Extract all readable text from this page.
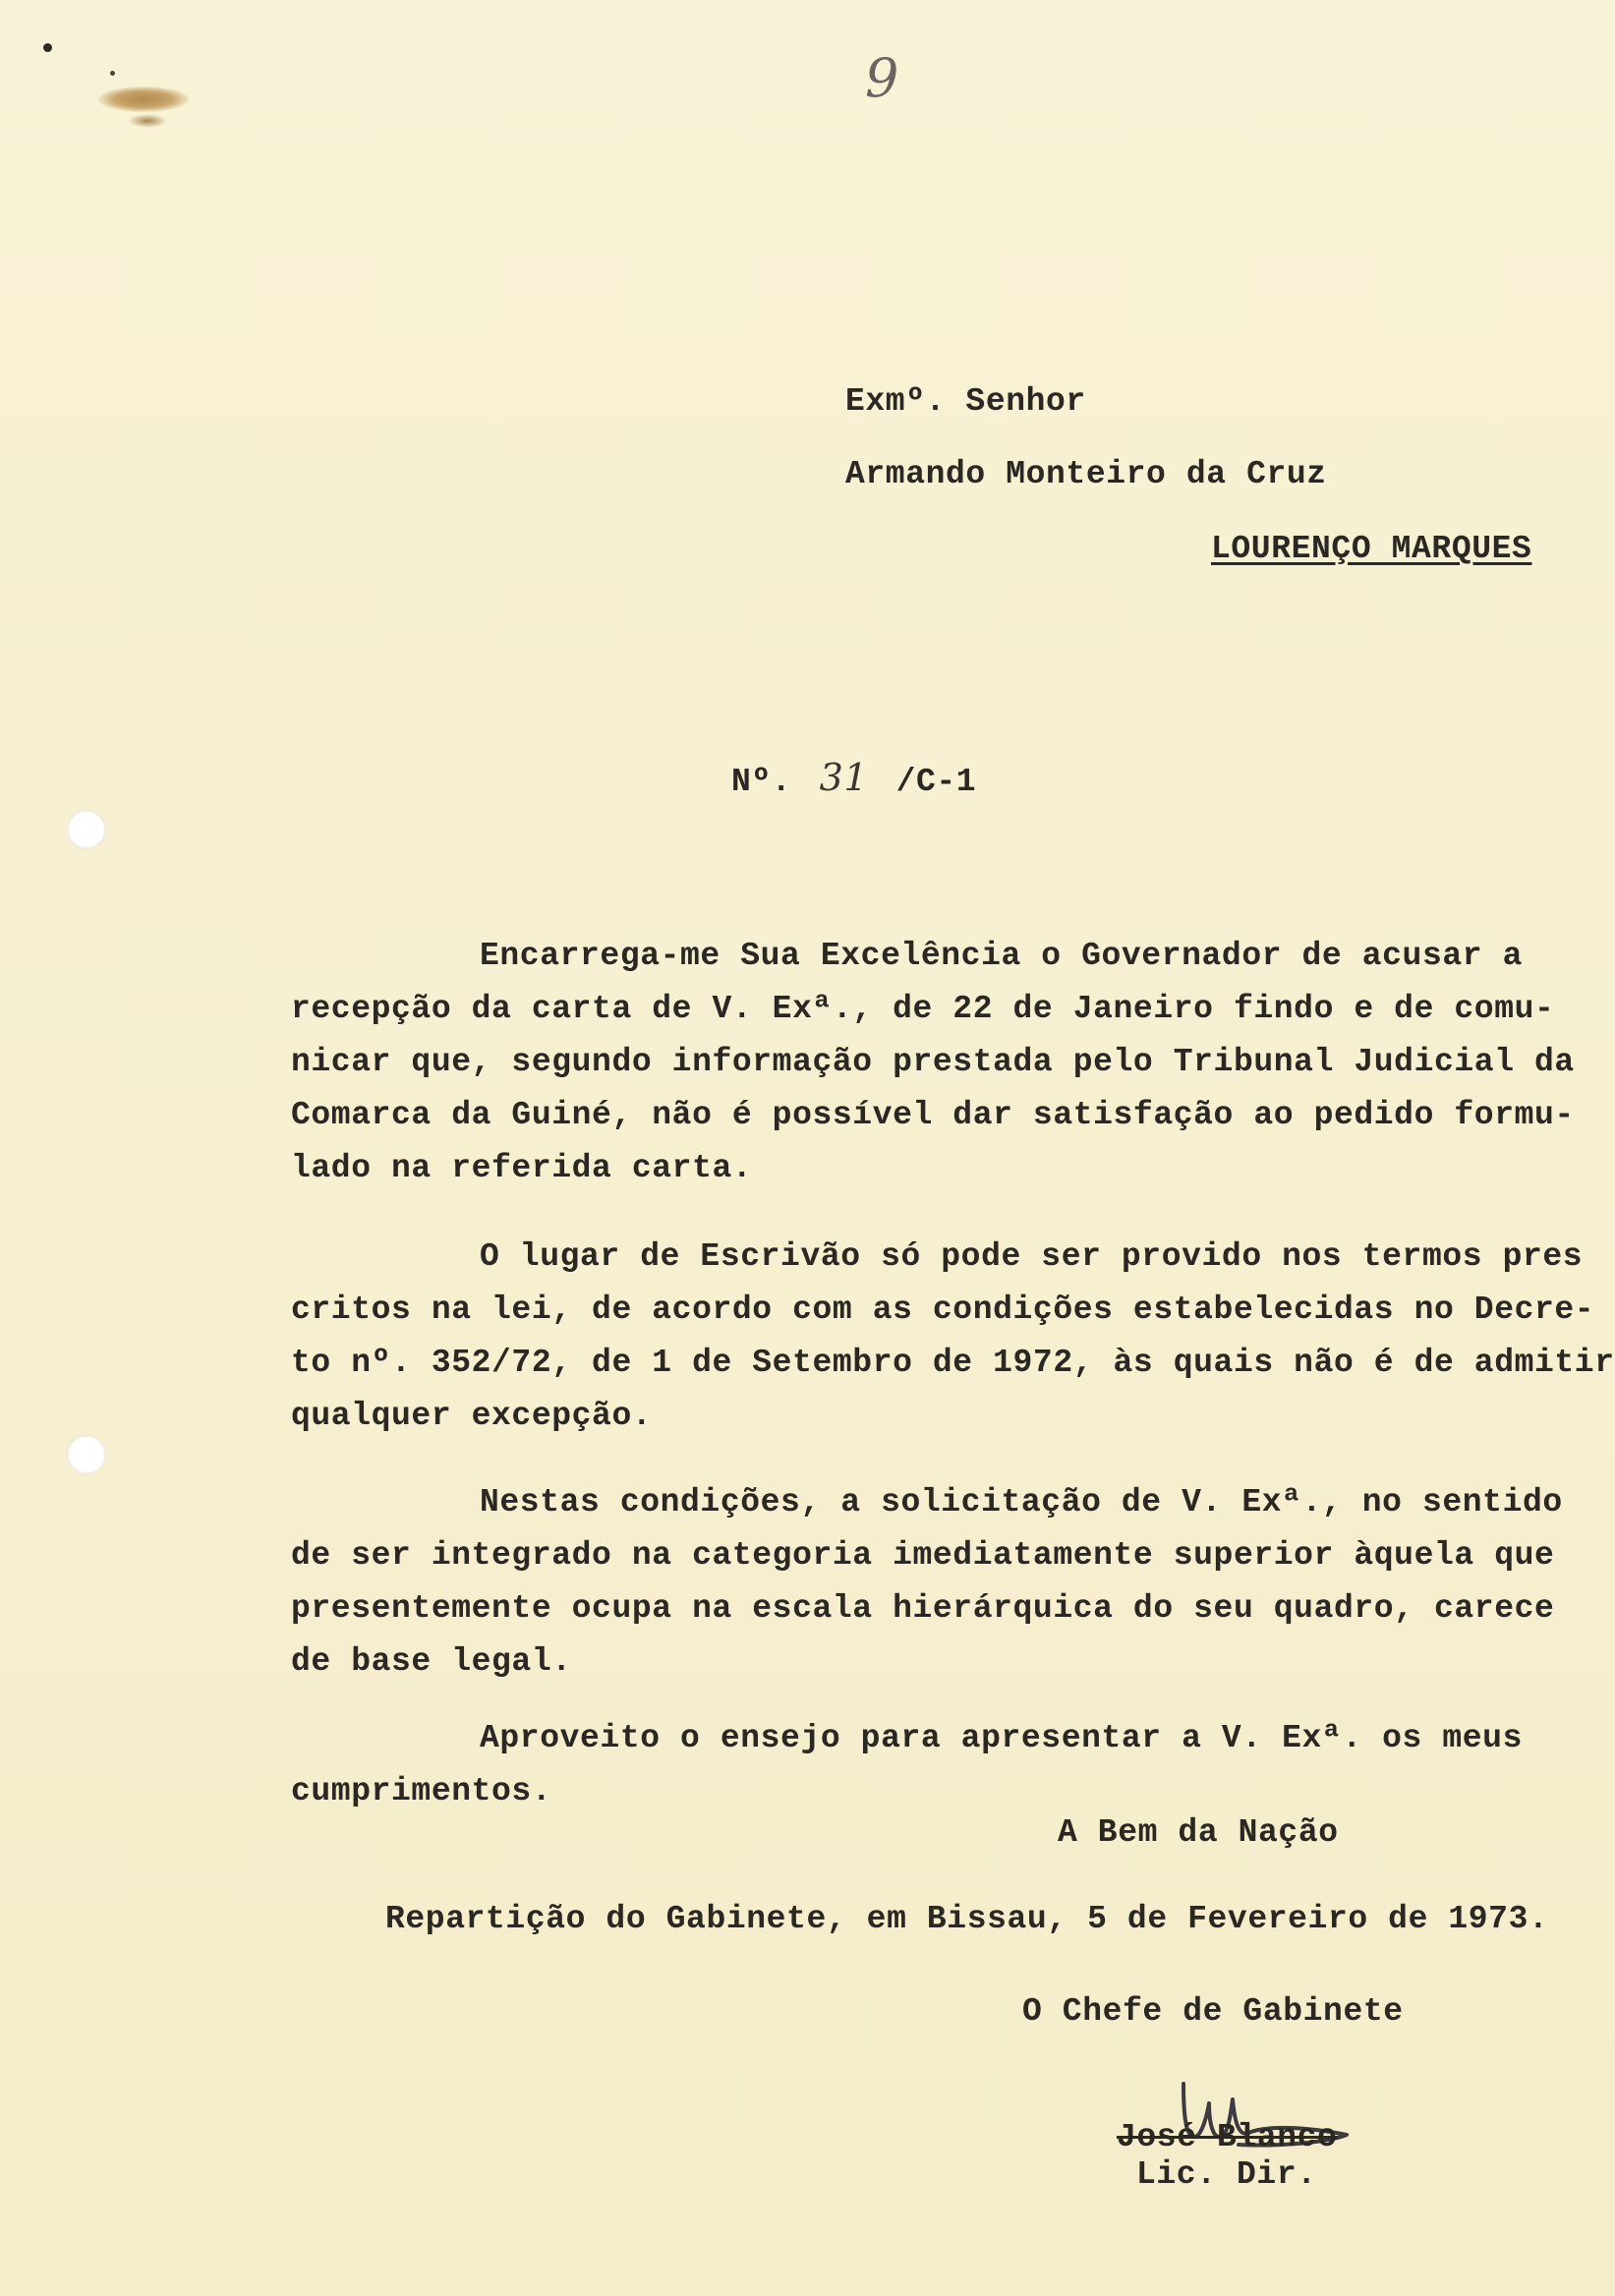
9
Exmº. Senhor
Armando Monteiro da Cruz
LOURENÇO MARQUES
Nº. 31 /C-1
Encarrega-me Sua Excelência o Governador de acusar a
recepção da carta de V. Exª., de 22 de Janeiro findo e de comu-
nicar que, segundo informação prestada pelo Tribunal Judicial da
Comarca da Guiné, não é possível dar satisfação ao pedido formu-
lado na referida carta.
O lugar de Escrivão só pode ser provido nos termos pres
critos na lei, de acordo com as condições estabelecidas no Decre-
to nº. 352/72, de 1 de Setembro de 1972, às quais não é de admitir
qualquer excepção.
Nestas condições, a solicitação de V. Exª., no sentido
de ser integrado na categoria imediatamente superior àquela que
presentemente ocupa na escala hierárquica do seu quadro, carece
de base legal.
Aproveito o ensejo para apresentar a V. Exª. os meus
cumprimentos.
A Bem da Nação
Repartição do Gabinete, em Bissau, 5 de Fevereiro de 1973.
O Chefe de Gabinete
José Blanco
Lic. Dir.
